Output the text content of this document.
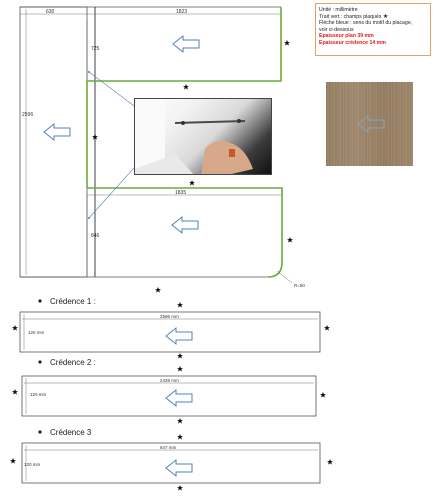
630	1823
725
2596
1835
846
R=50
Crédence 1 :
2596 mm
120 mm
Crédence 2 :
2439 mm
120 mm
Crédence 3
647 mm
120 mm
Unité : millimètre
Trait vert : champs plaqués ★
Flèche bleue : sens du motif du placage,
voir ci-dessous
Epaisseur plan 39 mm
Epaisseur crédence 14 mm
